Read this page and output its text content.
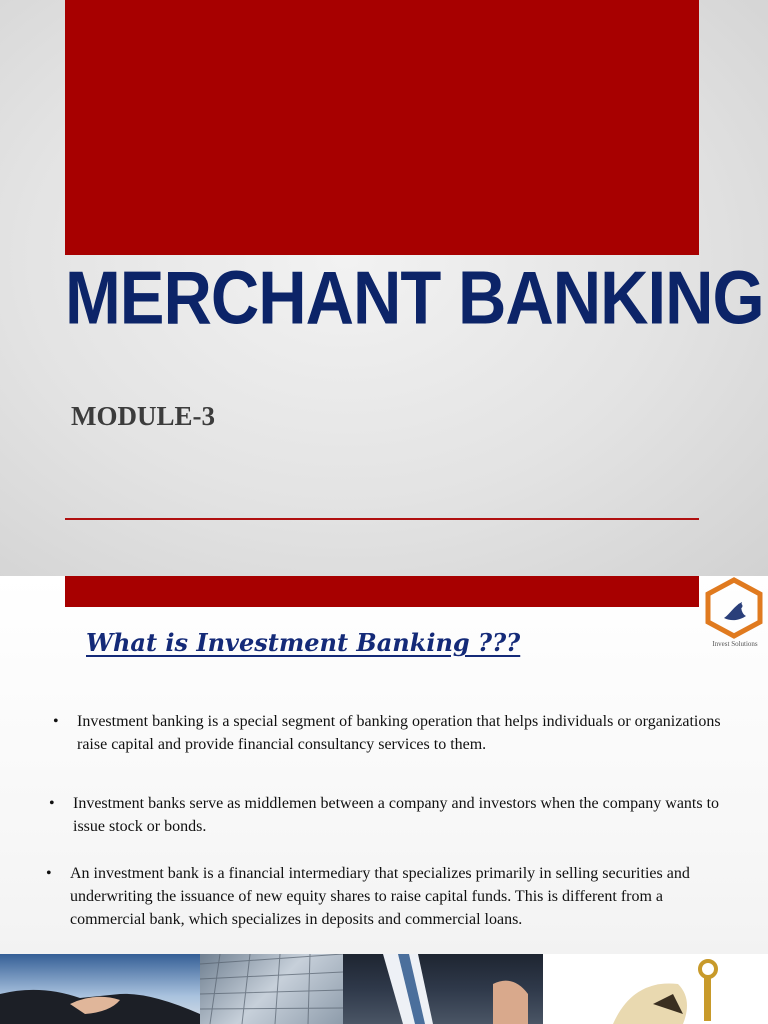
MERCHANT BANKING

MODULE-3

Invest Solutions
What is Investment Banking ???
• Investment banking is a special segment of banking operation that helps individuals or organizations raise capital and provide financial consultancy services to them.
• Investment banks serve as middlemen between a company and investors when the company wants to issue stock or bonds.
• An investment bank is a financial intermediary that specializes primarily in selling securities and underwriting the issuance of new equity shares to raise capital funds. This is different from a commercial bank, which specializes in deposits and commercial loans.
